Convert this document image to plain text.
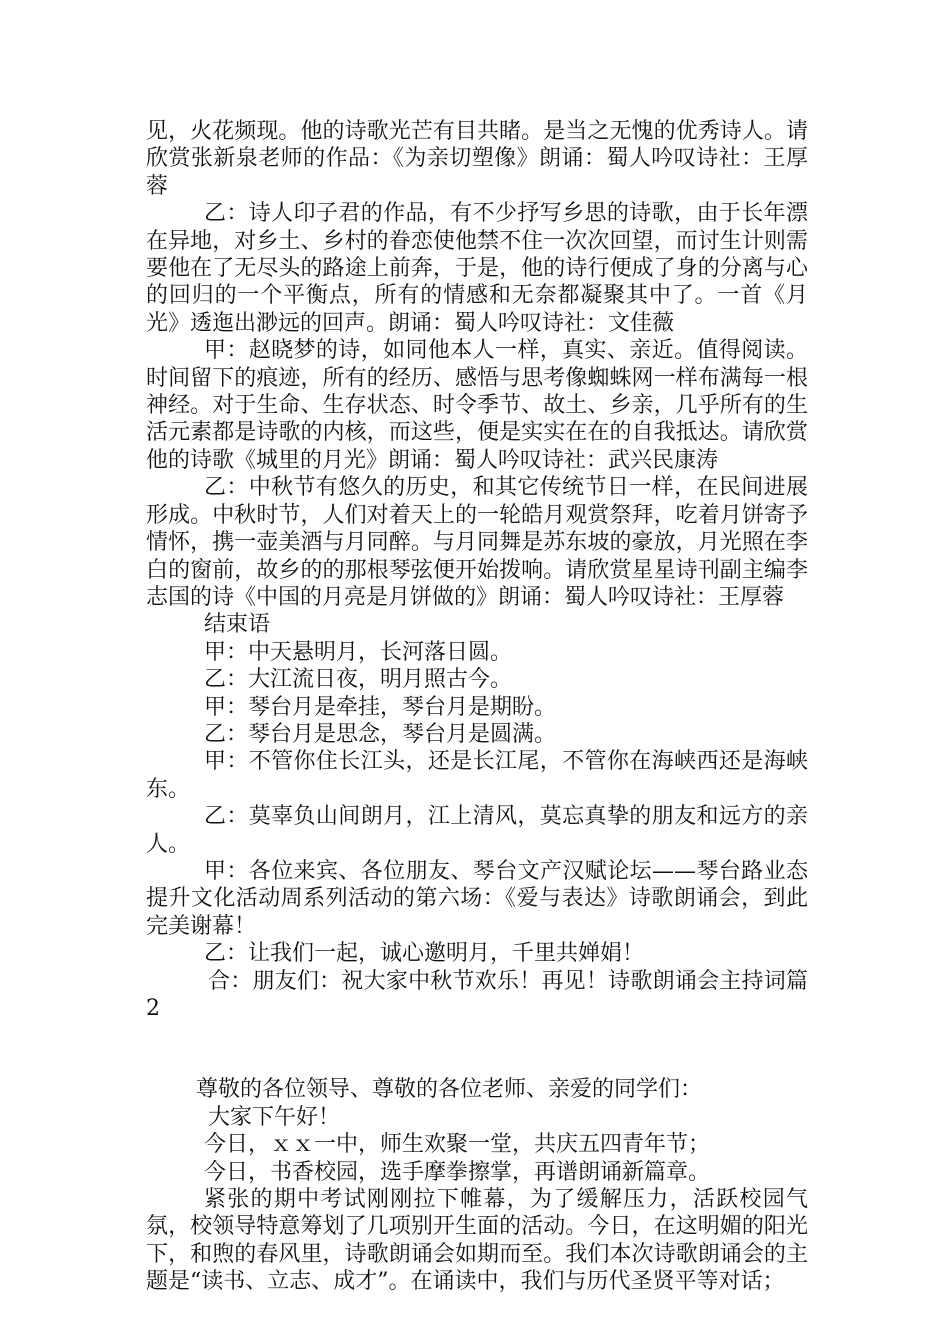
见，火花频现。他的诗歌光芒有目共睹。是当之无愧的优秀诗人。请欣赏张新泉老师的作品：《为亲切塑像》朗诵：蜀人吟叹诗社：王厚蓉

乙：诗人印子君的作品，有不少抒写乡思的诗歌，由于长年漂在异地，对乡土、乡村的眷恋使他禁不住一次次回望，而讨生计则需要他在了无尽头的路途上前奔，于是，他的诗行便成了身的分离与心的回归的一个平衡点，所有的情感和无奈都凝聚其中了。一首《月光》透迤出渺远的回声。朗诵：蜀人吟叹诗社：文佳薇

甲：赵晓梦的诗，如同他本人一样，真实、亲近。值得阅读。时间留下的痕迹，所有的经历、感悟与思考像蜘蛛网一样布满每一根神经。对于生命、生存状态、时令季节、故土、乡亲，几乎所有的生活元素都是诗歌的内核，而这些，便是实实在在的自我抵达。请欣赏他的诗歌《城里的月光》朗诵：蜀人吟叹诗社：武兴民康涛

乙：中秋节有悠久的历史，和其它传统节日一样，在民间进展形成。中秋时节，人们对着天上的一轮皓月观赏祭拜，吃着月饼寄予情怀，携一壶美酒与月同醉。与月同舞是苏东坡的豪放，月光照在李白的窗前，故乡的的那根琴弦便开始拨响。请欣赏星星诗刊副主编李志国的诗《中国的月亮是月饼做的》朗诵：蜀人吟叹诗社：王厚蓉

结束语

甲：中天悬明月，长河落日圆。

乙：大江流日夜，明月照古今。

甲：琴台月是牵挂，琴台月是期盼。

乙：琴台月是思念，琴台月是圆满。

甲：不管你住长江头，还是长江尾，不管你在海峡西还是海峡东。

乙：莫辜负山间朗月，江上清风，莫忘真挚的朋友和远方的亲人。

甲：各位来宾、各位朋友、琴台文产汉赋论坛——琴台路业态提升文化活动周系列活动的第六场：《爱与表达》诗歌朗诵会，到此完美谢幕！

乙：让我们一起，诚心邀明月，千里共婵娟！

合：朋友们：祝大家中秋节欢乐！再见！诗歌朗诵会主持词篇2

尊敬的各位领导、尊敬的各位老师、亲爱的同学们：

大家下午好！

今日，ｘｘ一中，师生欢聚一堂，共庆五四青年节；

今日，书香校园，选手摩拳擦掌，再谱朗诵新篇章。

紧张的期中考试刚刚拉下帷幕，为了缓解压力，活跃校园气氛，校领导特意筹划了几项别开生面的活动。今日，在这明媚的阳光下，和煦的春风里，诗歌朗诵会如期而至。我们本次诗歌朗诵会的主题是“读书、立志、成才”。在诵读中，我们与历代圣贤平等对话；
